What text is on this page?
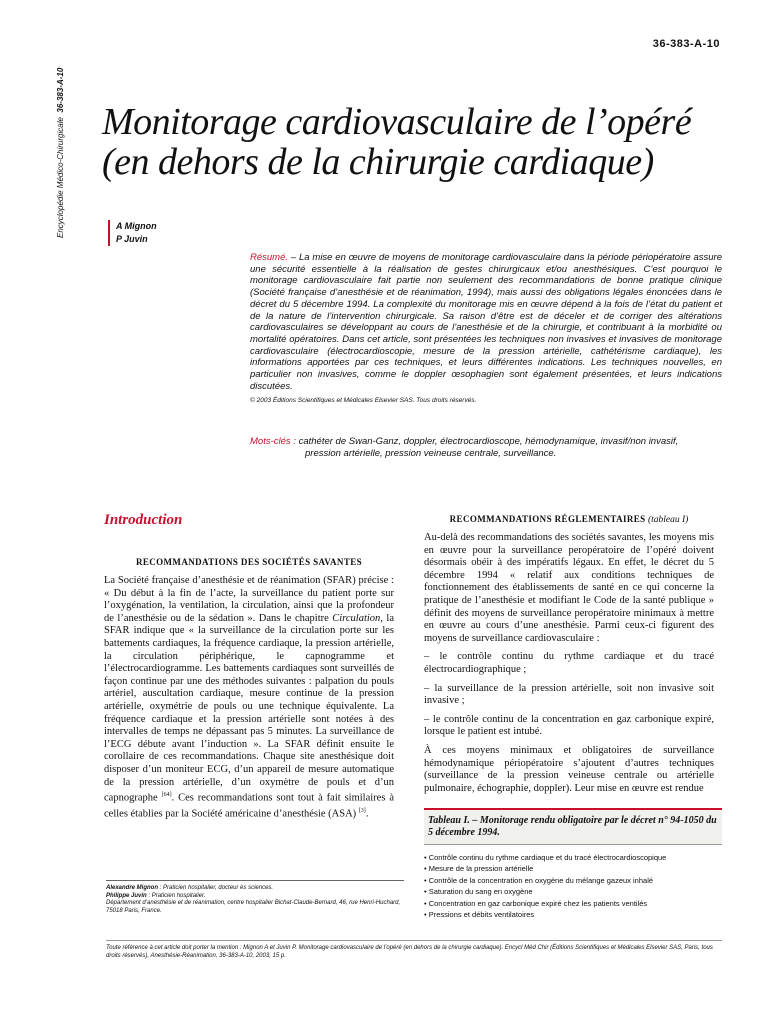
36-383-A-10
Encyclopédie Médico-Chirurgicale  36-383-A-10
Monitorage cardiovasculaire de l’opéré
(en dehors de la chirurgie cardiaque)
A Mignon
P Juvin
Résumé. – La mise en œuvre de moyens de monitorage cardiovasculaire dans la période périopératoire assure une sécurité essentielle à la réalisation de gestes chirurgicaux et/ou anesthésiques. C’est pourquoi le monitorage cardiovasculaire fait partie non seulement des recommandations de bonne pratique clinique (Société française d’anesthésie et de réanimation, 1994), mais aussi des obligations légales énoncées dans le décret du 5 décembre 1994. La complexité du monitorage mis en œuvre dépend à la fois de l’état du patient et de la nature de l’intervention chirurgicale. Sa raison d’être est de déceler et de corriger des altérations cardiovasculaires se développant au cours de l’anesthésie et de la chirurgie, et contribuant à la morbidité ou mortalité opératoires. Dans cet article, sont présentées les techniques non invasives et invasives de monitorage cardiovasculaire (électrocardioscopie, mesure de la pression artérielle, cathétérisme cardiaque), les informations apportées par ces techniques, et leurs différentes indications. Les techniques nouvelles, en particulier non invasives, comme le doppler œsophagien sont également présentées, et leurs indications discutées.
© 2003 Éditions Scientifiques et Médicales Elsevier SAS. Tous droits réservés.
Mots-clés : cathéter de Swan-Ganz, doppler, électrocardioscope, hémodynamique, invasif/non invasif,
pression artérielle, pression veineuse centrale, surveillance.
Introduction
RECOMMANDATIONS DES SOCIÉTÉS SAVANTES

La Société française d’anesthésie et de réanimation (SFAR) précise : « Du début à la fin de l’acte, la surveillance du patient porte sur l’oxygénation, la ventilation, la circulation, ainsi que la profondeur de l’anesthésie ou de la sédation ». Dans le chapitre Circulation, la SFAR indique que « la surveillance de la circulation porte sur les battements cardiaques, la fréquence cardiaque, la pression artérielle, la circulation périphérique, le capnogramme et l’électrocardiogramme. Les battements cardiaques sont surveillés de façon continue par une des méthodes suivantes : palpation du pouls artériel, auscultation cardiaque, mesure continue de la pression artérielle, oxymétrie de pouls ou une technique équivalente. La fréquence cardiaque et la pression artérielle sont notées à des intervalles de temps ne dépassant pas 5 minutes. La surveillance de l’ECG débute avant l’induction ». La SFAR définit ensuite le corollaire de ces recommandations. Chaque site anesthésique doit disposer d’un moniteur ECG, d’un appareil de mesure automatique de la pression artérielle, d’un oxymètre de pouls et d’un capnographe [64]. Ces recommandations sont tout à fait similaires à celles établies par la Société américaine d’anesthésie (ASA) [3].

RECOMMANDATIONS RÉGLEMENTAIRES (tableau I)

Au-delà des recommandations des sociétés savantes, les moyens mis en œuvre pour la surveillance peropératoire de l’opéré doivent désormais obéir à des impératifs légaux. En effet, le décret du 5 décembre 1994 « relatif aux conditions techniques de fonctionnement des établissements de santé en ce qui concerne la pratique de l’anesthésie et modifiant le Code de la santé publique » définit des moyens de surveillance peropératoire minimaux à mettre en œuvre au cours d’une anesthésie. Parmi ceux-ci figurent des moyens de surveillance cardiovasculaire :

– le contrôle continu du rythme cardiaque et du tracé électrocardiographique ;

– la surveillance de la pression artérielle, soit non invasive soit invasive ;

– le contrôle continu de la concentration en gaz carbonique expiré, lorsque le patient est intubé.

À ces moyens minimaux et obligatoires de surveillance hémodynamique périopératoire s’ajoutent d’autres techniques (surveillance de la pression veineuse centrale ou artérielle pulmonaire, échographie, doppler). Leur mise en œuvre est rendue

Tableau I. – Monitorage rendu obligatoire par le décret n° 94-1050 du 5 décembre 1994.
• Contrôle continu du rythme cardiaque et du tracé électrocardioscopique
• Mesure de la pression artérielle
• Contrôle de la concentration en oxygène du mélange gazeux inhalé
• Saturation du sang en oxygène
• Concentration en gaz carbonique expiré chez les patients ventilés
• Pressions et débits ventilatoires

Alexandre Mignon : Praticien hospitalier, docteur ès sciences.

Philippe Juvin : Praticien hospitalier.

Département d’anesthésie et de réanimation, centre hospitalier Bichat-Claude-Bernard, 46, rue Henri-Huchard, 75018 Paris, France.

Toute référence à cet article doit porter la mention : Mignon A et Juvin P. Monitorage cardiovasculaire de l’opéré (en dehors de la chirurgie cardiaque). Encycl Méd Chir (Éditions Scientifiques et Médicales Elsevier SAS, Paris, tous droits réservés), Anesthésie-Réanimation, 36-383-A-10, 2003, 15 p.
